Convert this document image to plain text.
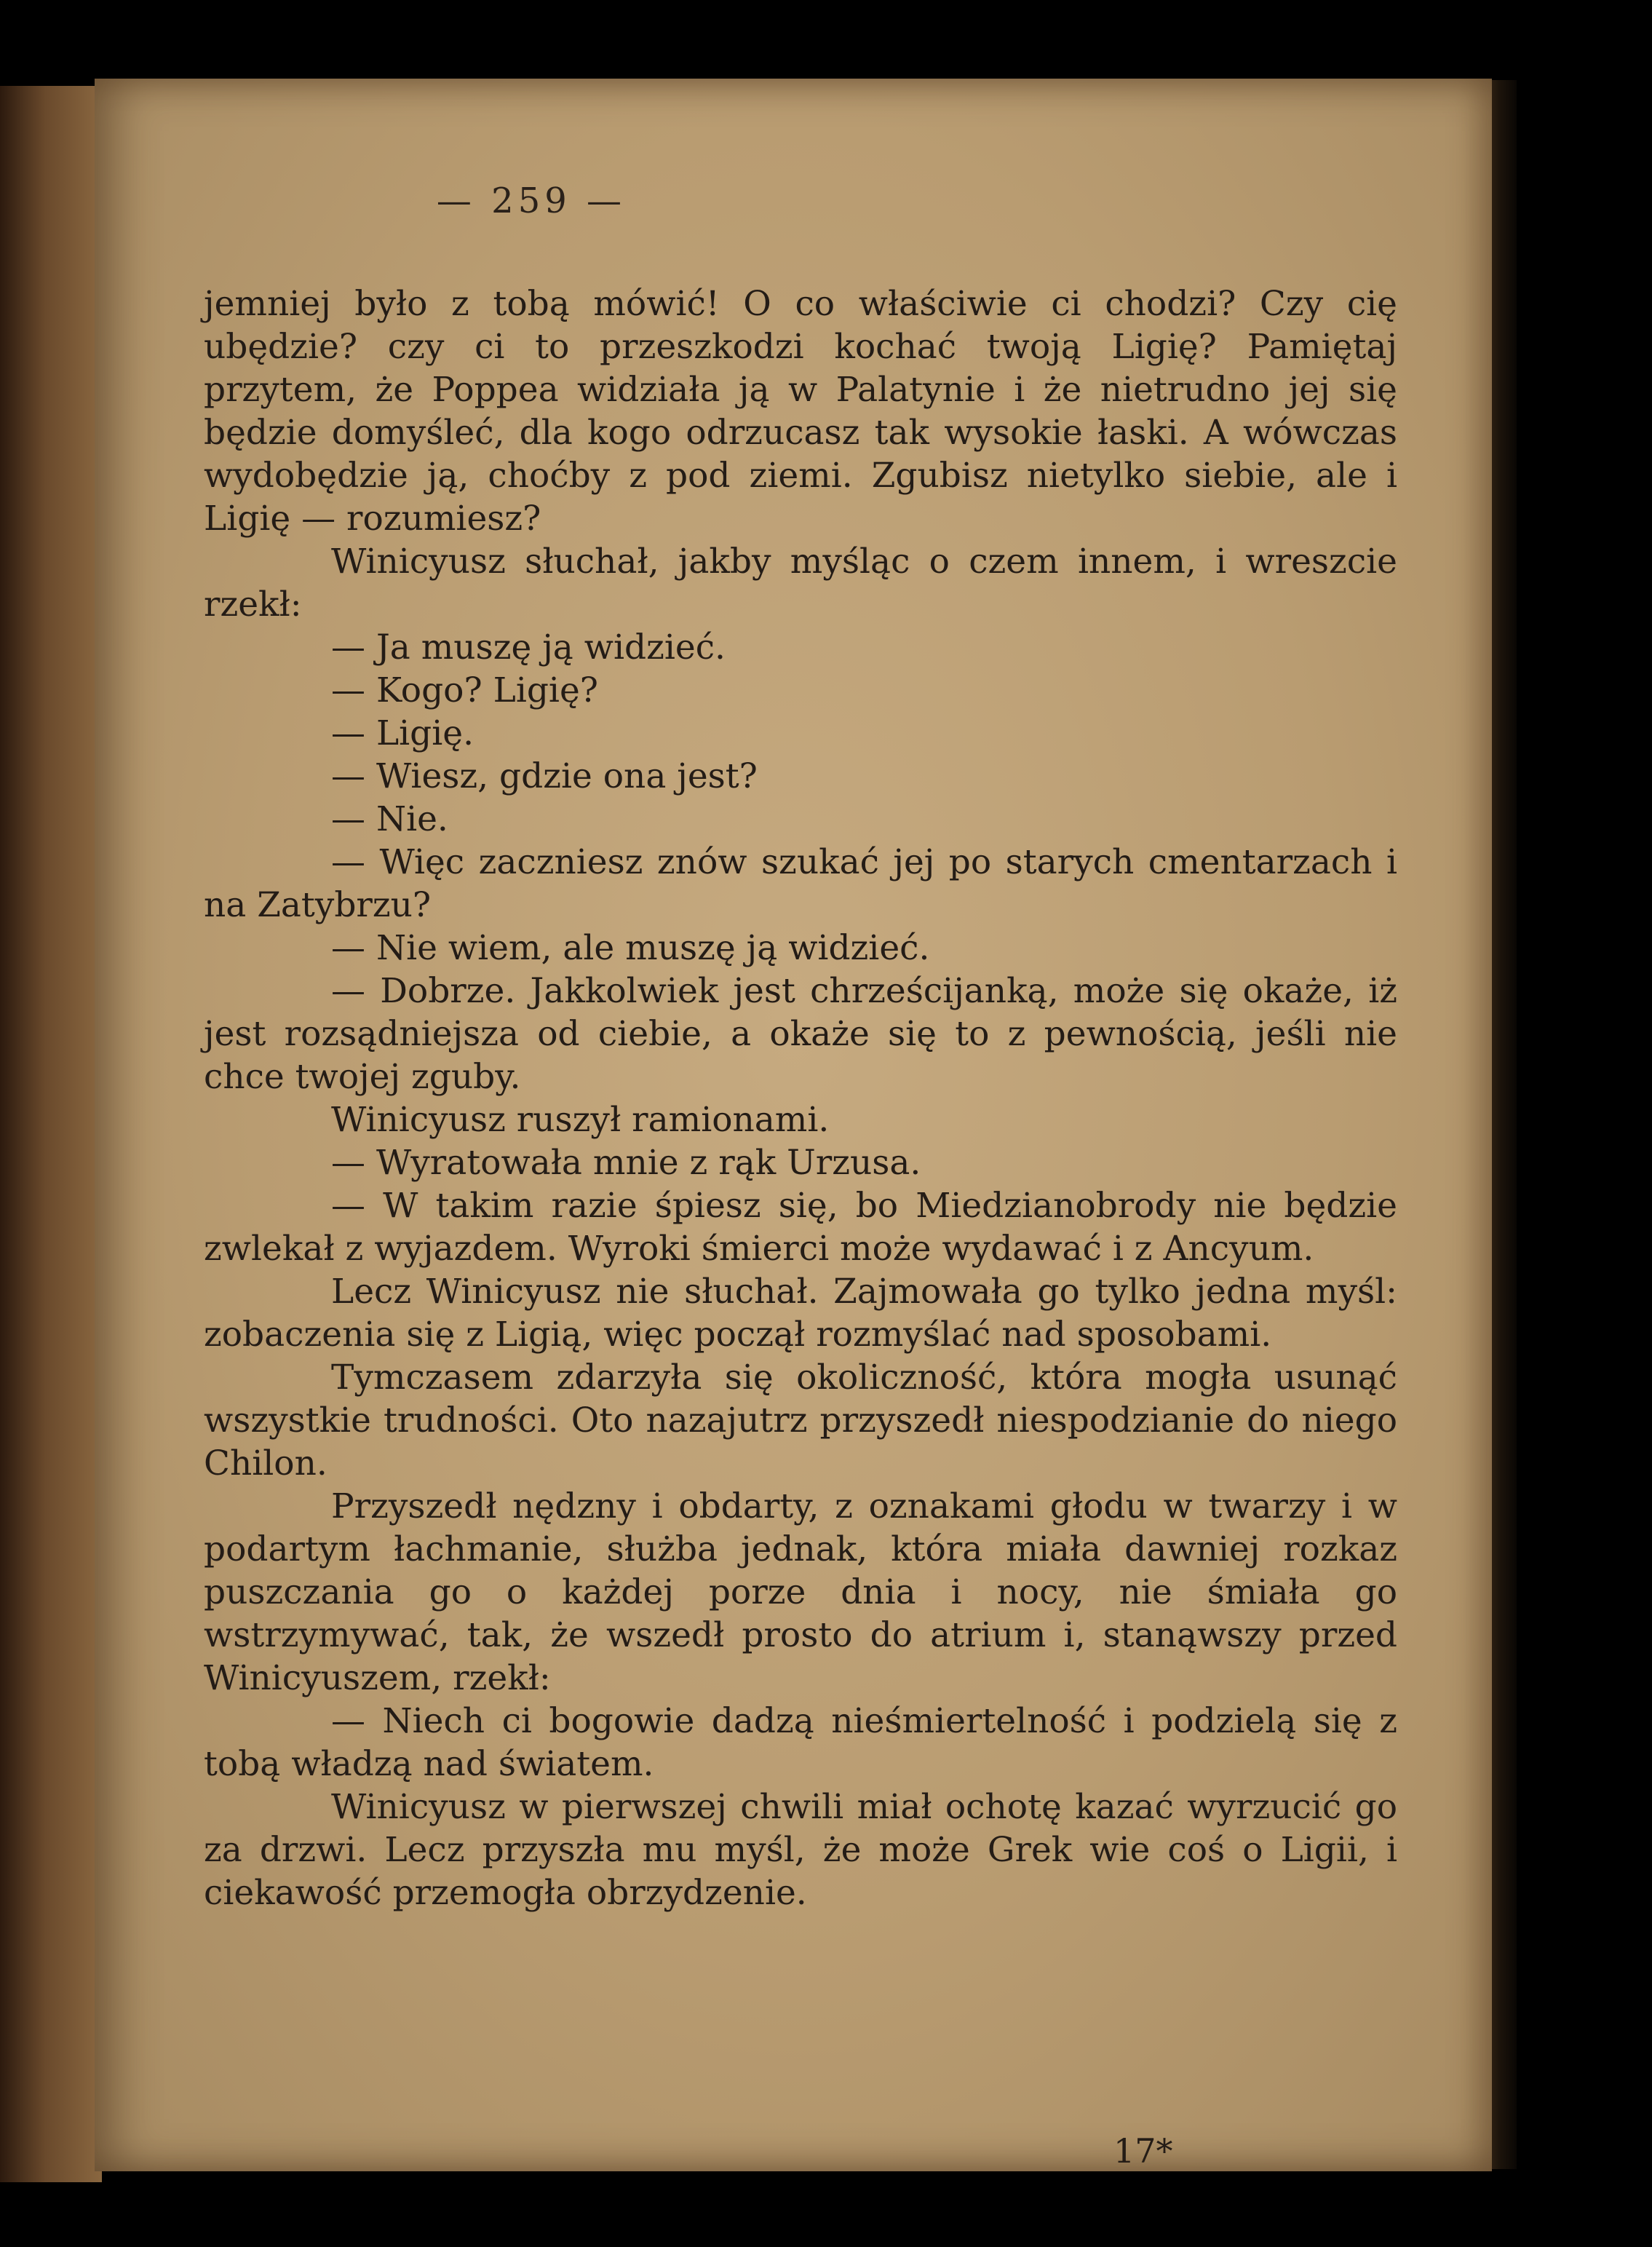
— 259 —

jemniej było z tobą mówić! O co właściwie ci chodzi? Czy cię ubędzie? czy ci to przeszkodzi kochać twoją Ligię? Pamiętaj przytem, że Poppea widziała ją w Palatynie i że nietrudno jej się będzie domyśleć, dla kogo odrzucasz tak wysokie łaski. A wówczas wydobędzie ją, choćby z pod ziemi. Zgubisz nietylko siebie, ale i Ligię — rozumiesz?

Winicyusz słuchał, jakby myśląc o czem innem, i wreszcie rzekł:

— Ja muszę ją widzieć.

— Kogo? Ligię?

— Ligię.

— Wiesz, gdzie ona jest?

— Nie.

— Więc zaczniesz znów szukać jej po starych cmentarzach i na Zatybrzu?

— Nie wiem, ale muszę ją widzieć.

— Dobrze. Jakkolwiek jest chrześcijanką, może się okaże, iż jest rozsądniejsza od ciebie, a okaże się to z pewnością, jeśli nie chce twojej zguby.

Winicyusz ruszył ramionami.

— Wyratowała mnie z rąk Urzusa.

— W takim razie śpiesz się, bo Miedzianobrody nie będzie zwlekał z wyjazdem. Wyroki śmierci może wydawać i z Ancyum.

Lecz Winicyusz nie słuchał. Zajmowała go tylko jedna myśl: zobaczenia się z Ligią, więc począł rozmyślać nad sposobami.

Tymczasem zdarzyła się okoliczność, która mogła usunąć wszystkie trudności. Oto nazajutrz przyszedł niespodzianie do niego Chilon.

Przyszedł nędzny i obdarty, z oznakami głodu w twarzy i w podartym łachmanie, służba jednak, która miała dawniej rozkaz puszczania go o każdej porze dnia i nocy, nie śmiała go wstrzymywać, tak, że wszedł prosto do atrium i, stanąwszy przed Winicyuszem, rzekł:

— Niech ci bogowie dadzą nieśmiertelność i podzielą się z tobą władzą nad światem.

Winicyusz w pierwszej chwili miał ochotę kazać wyrzucić go za drzwi. Lecz przyszła mu myśl, że może Grek wie coś o Ligii, i ciekawość przemogła obrzydzenie.

17*
